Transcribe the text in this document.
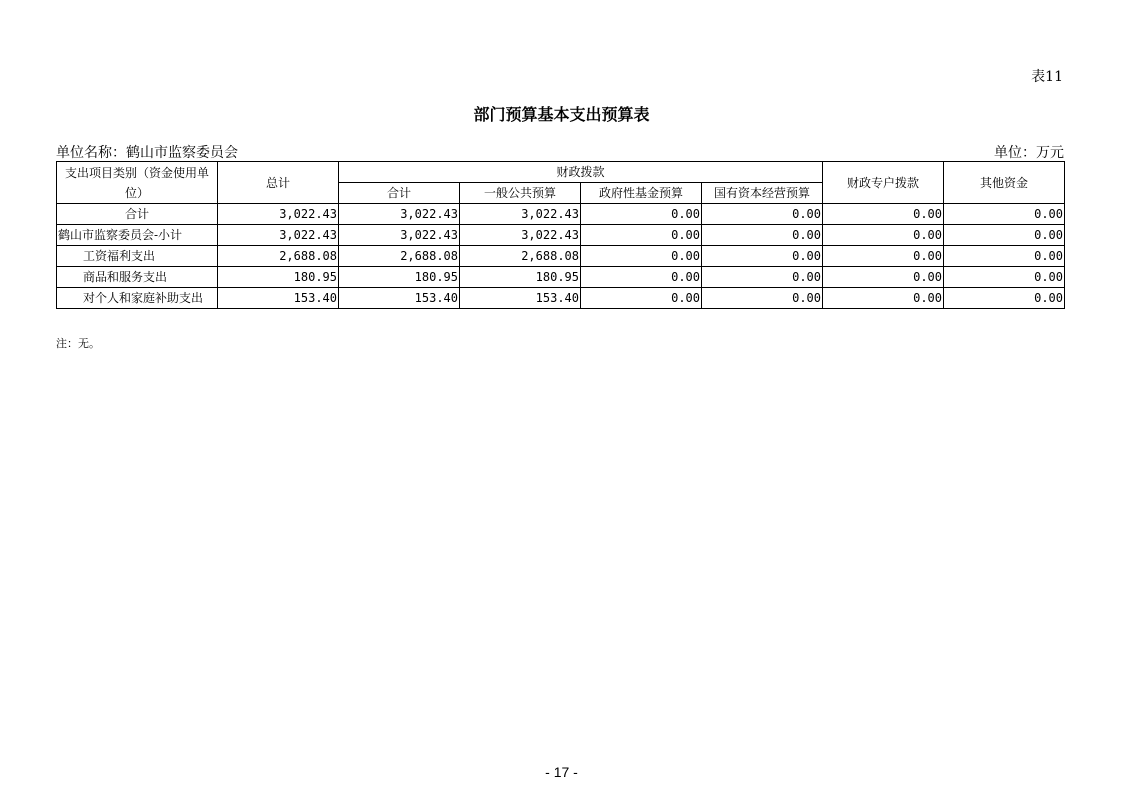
表11
部门预算基本支出预算表
单位名称：鹤山市监察委员会	单位：万元
支出项目类别（资金使用单位）	总计	财政拨款				财政专户拨款	其他资金
		合计	一般公共预算	政府性基金预算	国有资本经营预算		
合计	3,022.43	3,022.43	3,022.43	0.00	0.00	0.00	0.00
鹤山市监察委员会-小计	3,022.43	3,022.43	3,022.43	0.00	0.00	0.00	0.00
工资福利支出	2,688.08	2,688.08	2,688.08	0.00	0.00	0.00	0.00
商品和服务支出	180.95	180.95	180.95	0.00	0.00	0.00	0.00
对个人和家庭补助支出	153.40	153.40	153.40	0.00	0.00	0.00	0.00
注：无。
- 17 -
